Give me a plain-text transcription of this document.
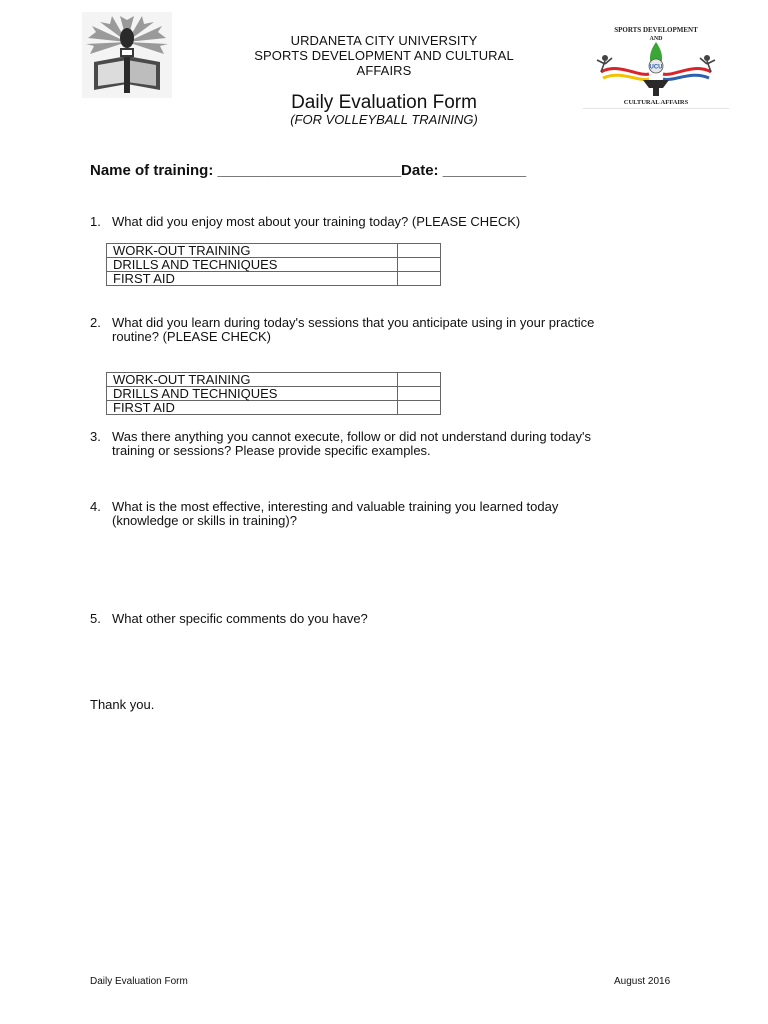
URDANETA CITY UNIVERSITY
SPORTS DEVELOPMENT AND CULTURAL
AFFAIRS
SPORTS DEVELOPMENT
AND
UCU
CULTURAL AFFAIRS
Daily Evaluation Form
(FOR VOLLEYBALL TRAINING)
Name of training: ______________________Date: __________
1. What did you enjoy most about your training today? (PLEASE CHECK)
WORK-OUT TRAINING	
DRILLS AND TECHNIQUES	
FIRST AID	
2. What did you learn during today's sessions that you anticipate using in your practice
routine? (PLEASE CHECK)
WORK-OUT TRAINING	
DRILLS AND TECHNIQUES	
FIRST AID	
3. Was there anything you cannot execute, follow or did not understand during today's
training or sessions? Please provide specific examples.
4. What is the most effective, interesting and valuable training you learned today
(knowledge or skills in training)?
5. What other specific comments do you have?
Thank you.
Daily Evaluation Form	August 2016
